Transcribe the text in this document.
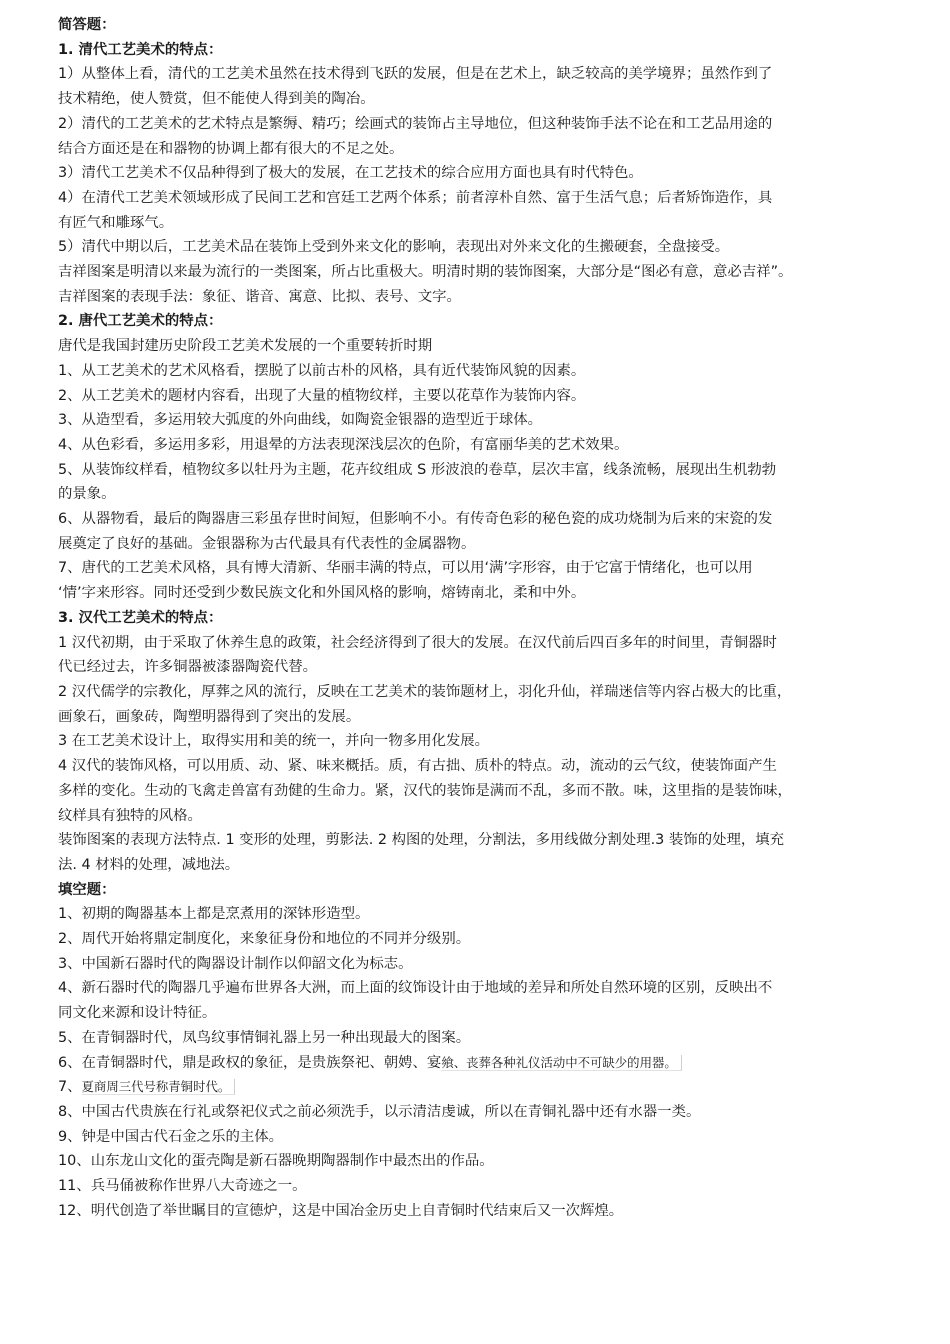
简答题：
1. 清代工艺美术的特点：
1）从整体上看，清代的工艺美术虽然在技术得到飞跃的发展，但是在艺术上，缺乏较高的美学境界；虽然作到了
技术精绝，使人赞赏，但不能使人得到美的陶冶。
2）清代的工艺美术的艺术特点是繁缛、精巧；绘画式的装饰占主导地位，但这种装饰手法不论在和工艺品用途的
结合方面还是在和器物的协调上都有很大的不足之处。
3）清代工艺美术不仅品种得到了极大的发展，在工艺技术的综合应用方面也具有时代特色。
4）在清代工艺美术领域形成了民间工艺和宫廷工艺两个体系；前者淳朴自然、富于生活气息；后者矫饰造作，具
有匠气和雕琢气。
5）清代中期以后，工艺美术品在装饰上受到外来文化的影响，表现出对外来文化的生搬硬套，全盘接受。
吉祥图案是明清以来最为流行的一类图案，所占比重极大。明清时期的装饰图案，大部分是“图必有意，意必吉祥”。
吉祥图案的表现手法：象征、谐音、寓意、比拟、表号、文字。
2. 唐代工艺美术的特点：
唐代是我国封建历史阶段工艺美术发展的一个重要转折时期
1、从工艺美术的艺术风格看，摆脱了以前古朴的风格，具有近代装饰风貌的因素。
2、从工艺美术的题材内容看，出现了大量的植物纹样，主要以花草作为装饰内容。
3、从造型看，多运用较大弧度的外向曲线，如陶瓷金银器的造型近于球体。
4、从色彩看，多运用多彩，用退晕的方法表现深浅层次的色阶，有富丽华美的艺术效果。
5、从装饰纹样看，植物纹多以牡丹为主题，花卉纹组成 S 形波浪的卷草，层次丰富，线条流畅，展现出生机勃勃
的景象。
6、从器物看，最后的陶器唐三彩虽存世时间短，但影响不小。有传奇色彩的秘色瓷的成功烧制为后来的宋瓷的发
展奠定了良好的基础。金银器称为古代最具有代表性的金属器物。
7、唐代的工艺美术风格，具有博大清新、华丽丰满的特点，可以用‘满’字形容，由于它富于情绪化，也可以用
‘情’字来形容。同时还受到少数民族文化和外国风格的影响，熔铸南北，柔和中外。
3. 汉代工艺美术的特点：
1 汉代初期，由于采取了休养生息的政策，社会经济得到了很大的发展。在汉代前后四百多年的时间里，青铜器时
代已经过去，许多铜器被漆器陶瓷代替。
2 汉代儒学的宗教化，厚葬之风的流行，反映在工艺美术的装饰题材上，羽化升仙，祥瑞迷信等内容占极大的比重，
画象石，画象砖，陶塑明器得到了突出的发展。
3 在工艺美术设计上，取得实用和美的统一，并向一物多用化发展。
4 汉代的装饰风格，可以用质、动、紧、味来概括。质，有古拙、质朴的特点。动，流动的云气纹，使装饰面产生
多样的变化。生动的飞禽走兽富有劲健的生命力。紧，汉代的装饰是满而不乱，多而不散。味，这里指的是装饰味，
纹样具有独特的风格。
装饰图案的表现方法特点. 1 变形的处理，剪影法. 2 构图的处理，分割法，多用线做分割处理.3 装饰的处理，填充
法. 4 材料的处理，减地法。
填空题：
1、初期的陶器基本上都是烹煮用的深钵形造型。
2、周代开始将鼎定制度化，来象征身份和地位的不同并分级别。
3、中国新石器时代的陶器设计制作以仰韶文化为标志。
4、新石器时代的陶器几乎遍布世界各大洲，而上面的纹饰设计由于地域的差异和所处自然环境的区别，反映出不
同文化来源和设计特征。
5、在青铜器时代，凤鸟纹事情铜礼器上另一种出现最大的图案。
6、在青铜器时代，鼎是政权的象征，是贵族祭祀、朝娉、宴飨、丧葬各种礼仪活动中不可缺少的用器。
7、夏商周三代号称青铜时代。
8、中国古代贵族在行礼或祭祀仪式之前必须洗手，以示清洁虔诚，所以在青铜礼器中还有水器一类。
9、钟是中国古代石金之乐的主体。
10、山东龙山文化的蛋壳陶是新石器晚期陶器制作中最杰出的作品。
11、兵马俑被称作世界八大奇迹之一。
12、明代创造了举世瞩目的宣德炉，这是中国冶金历史上自青铜时代结束后又一次辉煌。
